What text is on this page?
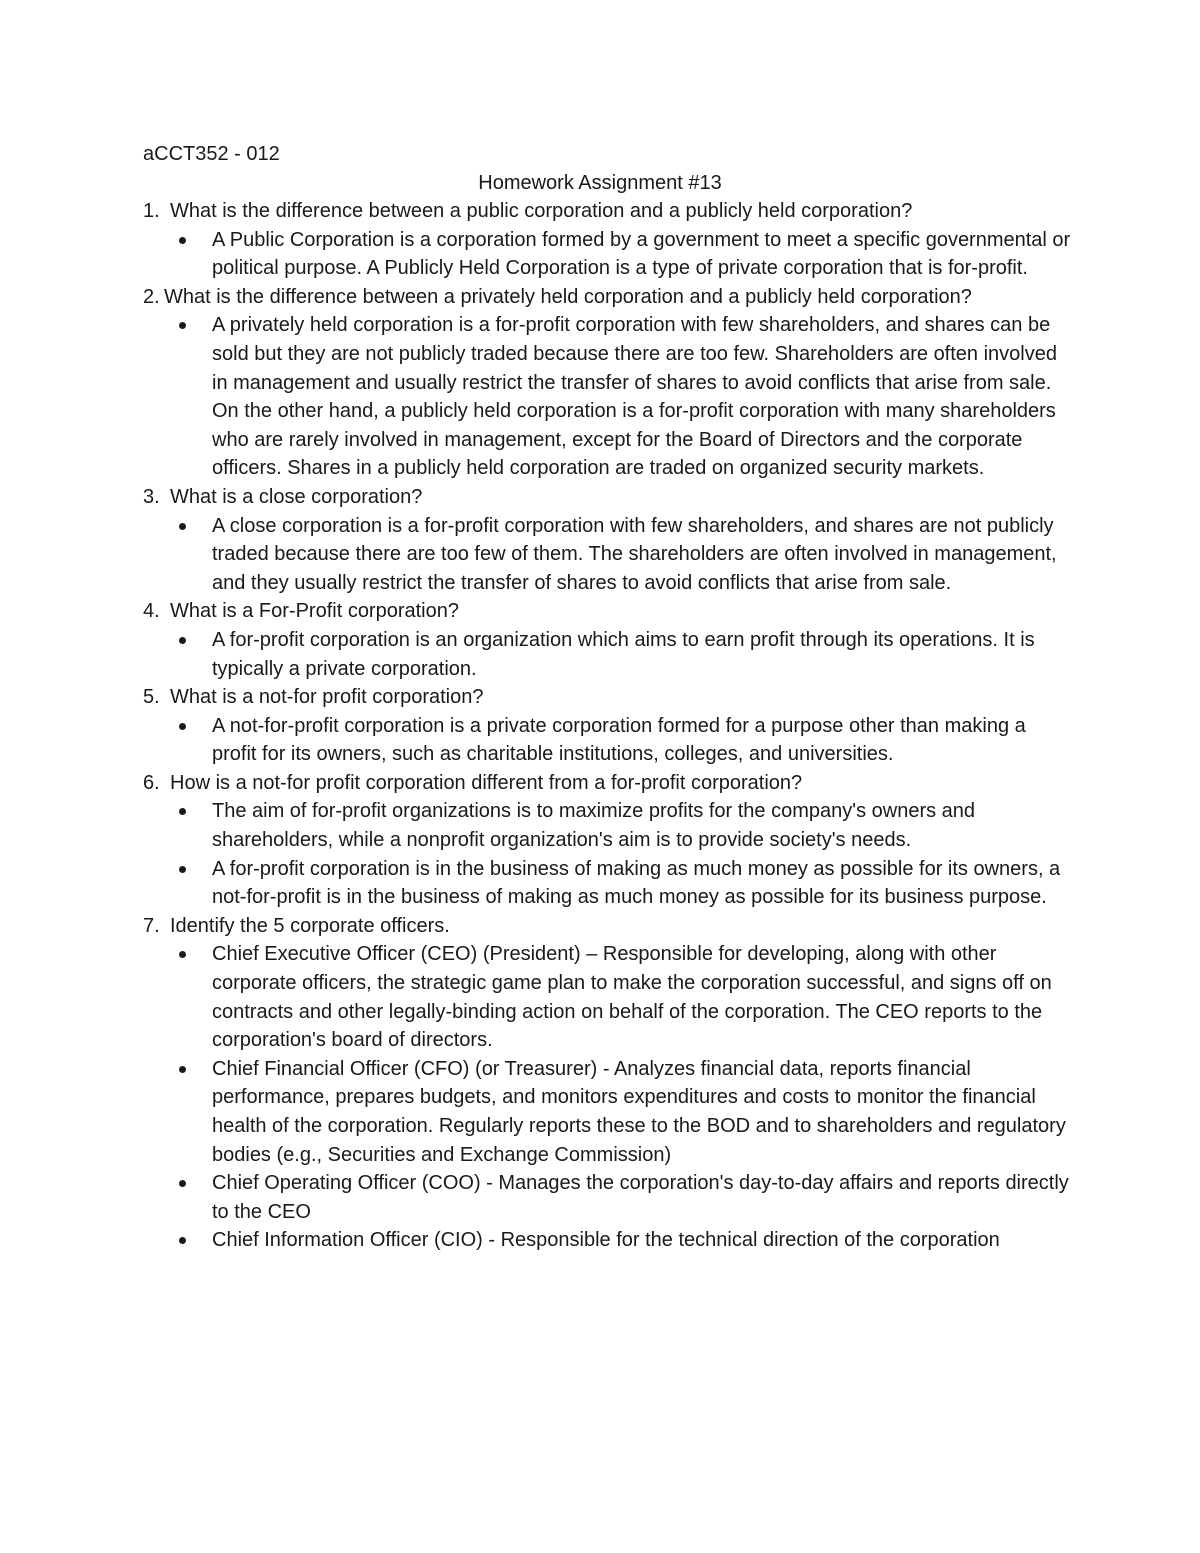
aCCT352 - 012
Homework Assignment #13
1. What is the difference between a public corporation and a publicly held corporation?
A Public Corporation is a corporation formed by a government to meet a specific governmental or political purpose. A Publicly Held Corporation is a type of private corporation that is for-profit.
2. What is the difference between a privately held corporation and a publicly held corporation?
A privately held corporation is a for-profit corporation with few shareholders, and shares can be sold but they are not publicly traded because there are too few. Shareholders are often involved in management and usually restrict the transfer of shares to avoid conflicts that arise from sale. On the other hand, a publicly held corporation is a for-profit corporation with many shareholders who are rarely involved in management, except for the Board of Directors and the corporate officers. Shares in a publicly held corporation are traded on organized security markets.
3. What is a close corporation?
A close corporation is a for-profit corporation with few shareholders, and shares are not publicly traded because there are too few of them. The shareholders are often involved in management, and they usually restrict the transfer of shares to avoid conflicts that arise from sale.
4. What is a For-Profit corporation?
A for-profit corporation is an organization which aims to earn profit through its operations. It is typically a private corporation.
5. What is a not-for profit corporation?
A not-for-profit corporation is a private corporation formed for a purpose other than making a profit for its owners, such as charitable institutions, colleges, and universities.
6. How is a not-for profit corporation different from a for-profit corporation?
The aim of for-profit organizations is to maximize profits for the company's owners and shareholders, while a nonprofit organization's aim is to provide society's needs.
A for-profit corporation is in the business of making as much money as possible for its owners, a not-for-profit is in the business of making as much money as possible for its business purpose.
7. Identify the 5 corporate officers.
Chief Executive Officer (CEO) (President) – Responsible for developing, along with other corporate officers, the strategic game plan to make the corporation successful, and signs off on contracts and other legally-binding action on behalf of the corporation. The CEO reports to the corporation's board of directors.
Chief Financial Officer (CFO) (or Treasurer) - Analyzes financial data, reports financial performance, prepares budgets, and monitors expenditures and costs to monitor the financial health of the corporation. Regularly reports these to the BOD and to shareholders and regulatory bodies (e.g., Securities and Exchange Commission)
Chief Operating Officer (COO) - Manages the corporation's day-to-day affairs and reports directly to the CEO
Chief Information Officer (CIO) - Responsible for the technical direction of the corporation
